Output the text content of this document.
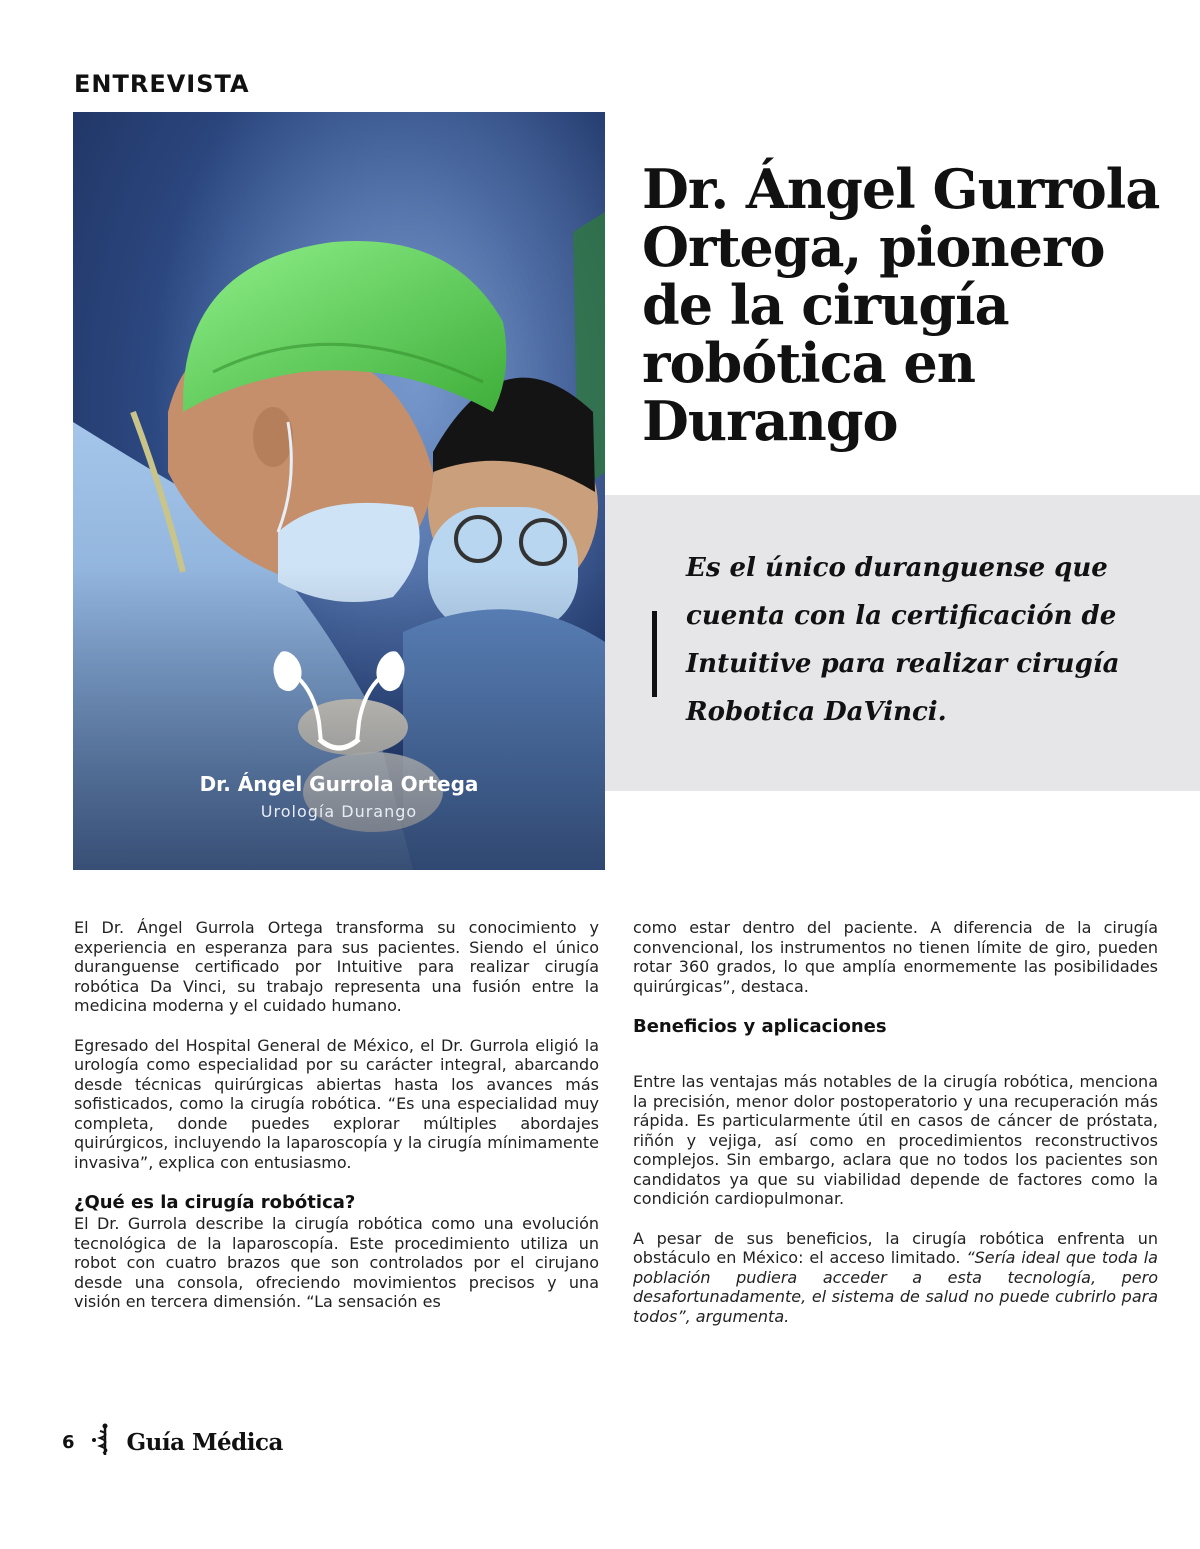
ENTREVISTA
Dr. Ángel Gurrola Ortega
Urología Durango
Dr. Ángel Gurrola Ortega, pionero de la cirugía robótica en Durango

Es el único duranguense que cuenta con la certificación de Intuitive para realizar cirugía Robotica DaVinci.

El Dr. Ángel Gurrola Ortega transforma su conocimiento y experiencia en esperanza para sus pacientes. Siendo el único duranguense certificado por Intuitive para realizar cirugía robótica Da Vinci, su trabajo representa una fusión entre la medicina moderna y el cuidado humano.

Egresado del Hospital General de México, el Dr. Gurrola eligió la urología como especialidad por su carácter integral, abarcando desde técnicas quirúrgicas abiertas hasta los avances más sofisticados, como la cirugía robótica. “Es una especialidad muy completa, donde puedes explorar múltiples abordajes quirúrgicos, incluyendo la laparoscopía y la cirugía mínimamente invasiva”, explica con entusiasmo.

¿Qué es la cirugía robótica?

El Dr. Gurrola describe la cirugía robótica como una evolución tecnológica de la laparoscopía. Este procedimiento utiliza un robot con cuatro brazos que son controlados por el cirujano desde una consola, ofreciendo movimientos precisos y una visión en tercera dimensión. “La sensación es

como estar dentro del paciente. A diferencia de la cirugía convencional, los instrumentos no tienen límite de giro, pueden rotar 360 grados, lo que amplía enormemente las posibilidades quirúrgicas”, destaca.

Beneficios y aplicaciones

Entre las ventajas más notables de la cirugía robótica, menciona la precisión, menor dolor postoperatorio y una recuperación más rápida. Es particularmente útil en casos de cáncer de próstata, riñón y vejiga, así como en procedimientos reconstructivos complejos. Sin embargo, aclara que no todos los pacientes son candidatos ya que su viabilidad depende de factores como la condición cardiopulmonar.

A pesar de sus beneficios, la cirugía robótica enfrenta un obstáculo en México: el acceso limitado. “Sería ideal que toda la población pudiera acceder a esta tecnología, pero desafortunadamente, el sistema de salud no puede cubrirlo para todos”, argumenta.

6 Guía Médica
